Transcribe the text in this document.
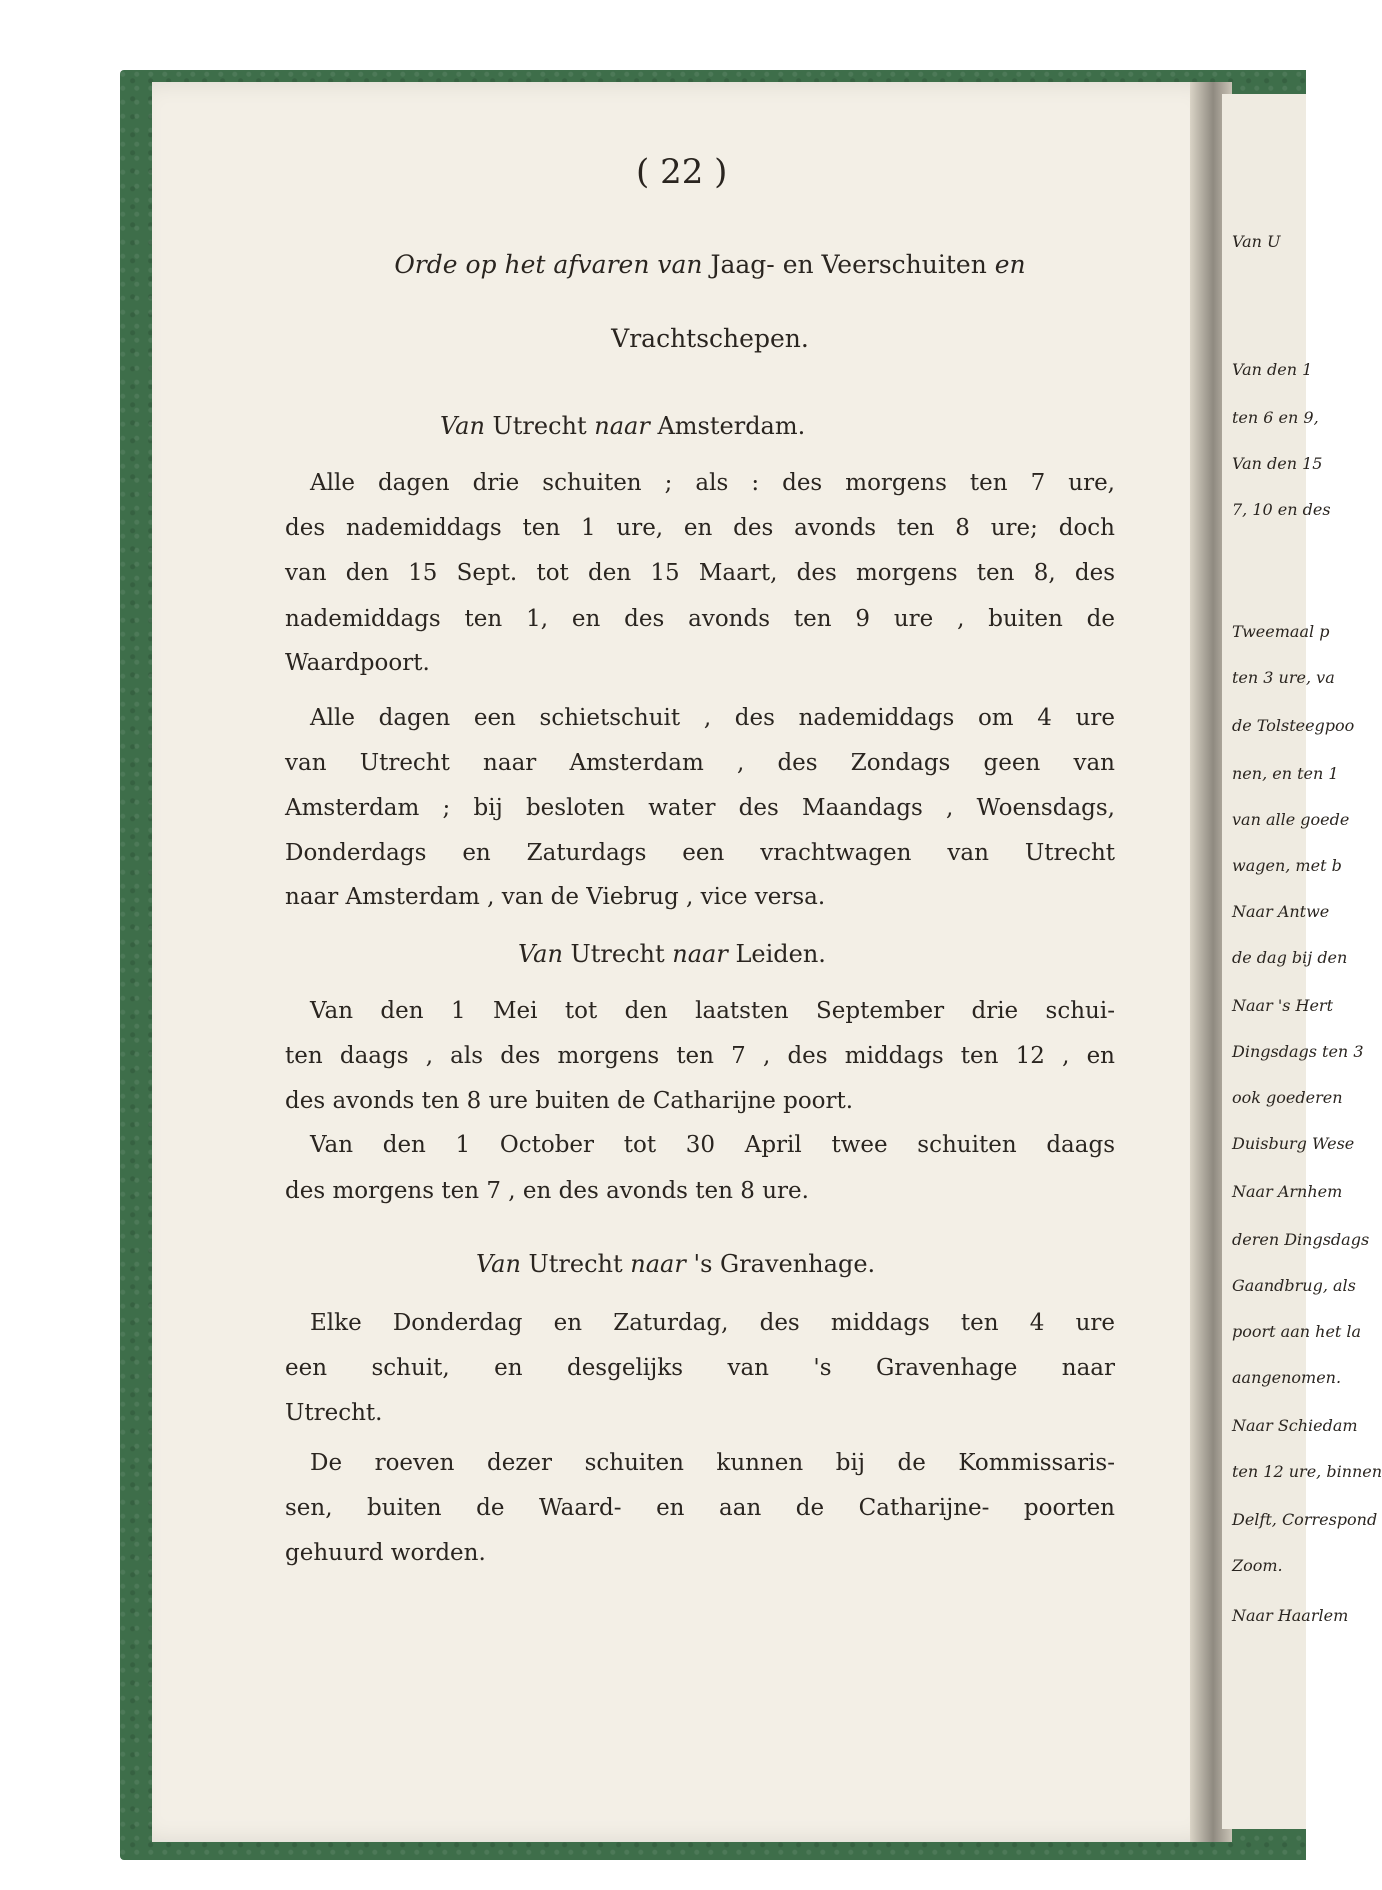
( 22 )
Orde op het afvaren van Jaag- en Veerschuiten en
Vrachtschepen.
Van Utrecht naar Amsterdam.
Alle dagen drie schuiten ; als : des morgens ten 7 ure,
des nademiddags ten 1 ure, en des avonds ten 8 ure; doch
van den 15 Sept. tot den 15 Maart, des morgens ten 8, des
nademiddags ten 1, en des avonds ten 9 ure , buiten de
Waardpoort.
Alle dagen een schietschuit , des nademiddags om 4 ure
van Utrecht naar Amsterdam , des Zondags geen van
Amsterdam ; bij besloten water des Maandags , Woensdags,
Donderdags en Zaturdags een vrachtwagen van Utrecht
naar Amsterdam , van de Viebrug , vice versa.
Van Utrecht naar Leiden.
Van den 1 Mei tot den laatsten September drie schui-
ten daags , als des morgens ten 7 , des middags ten 12 , en
des avonds ten 8 ure buiten de Catharijne poort.
Van den 1 October tot 30 April twee schuiten daags
des morgens ten 7 , en des avonds ten 8 ure.
Van Utrecht naar 's Gravenhage.
Elke Donderdag en Zaturdag, des middags ten 4 ure
een schuit, en desgelijks van 's Gravenhage naar
Utrecht.
De roeven dezer schuiten kunnen bij de Kommissaris-
sen, buiten de Waard- en aan de Catharijne- poorten
gehuurd worden.
Van U
Van den 1
ten 6 en 9,
Van den 15
7, 10 en des
Tweemaal p
ten 3 ure, va
de Tolsteegpoo
nen, en ten 1
van alle goede
wagen, met b
Naar Antwe
de dag bij den
Naar 's Hert
Dingsdags ten 3
ook goederen
Duisburg Wese
Naar Arnhem
deren Dingsdags
Gaandbrug, als
poort aan het la
aangenomen.
Naar Schiedam
ten 12 ure, binnen
Delft, Correspond
Zoom.
Naar Haarlem
